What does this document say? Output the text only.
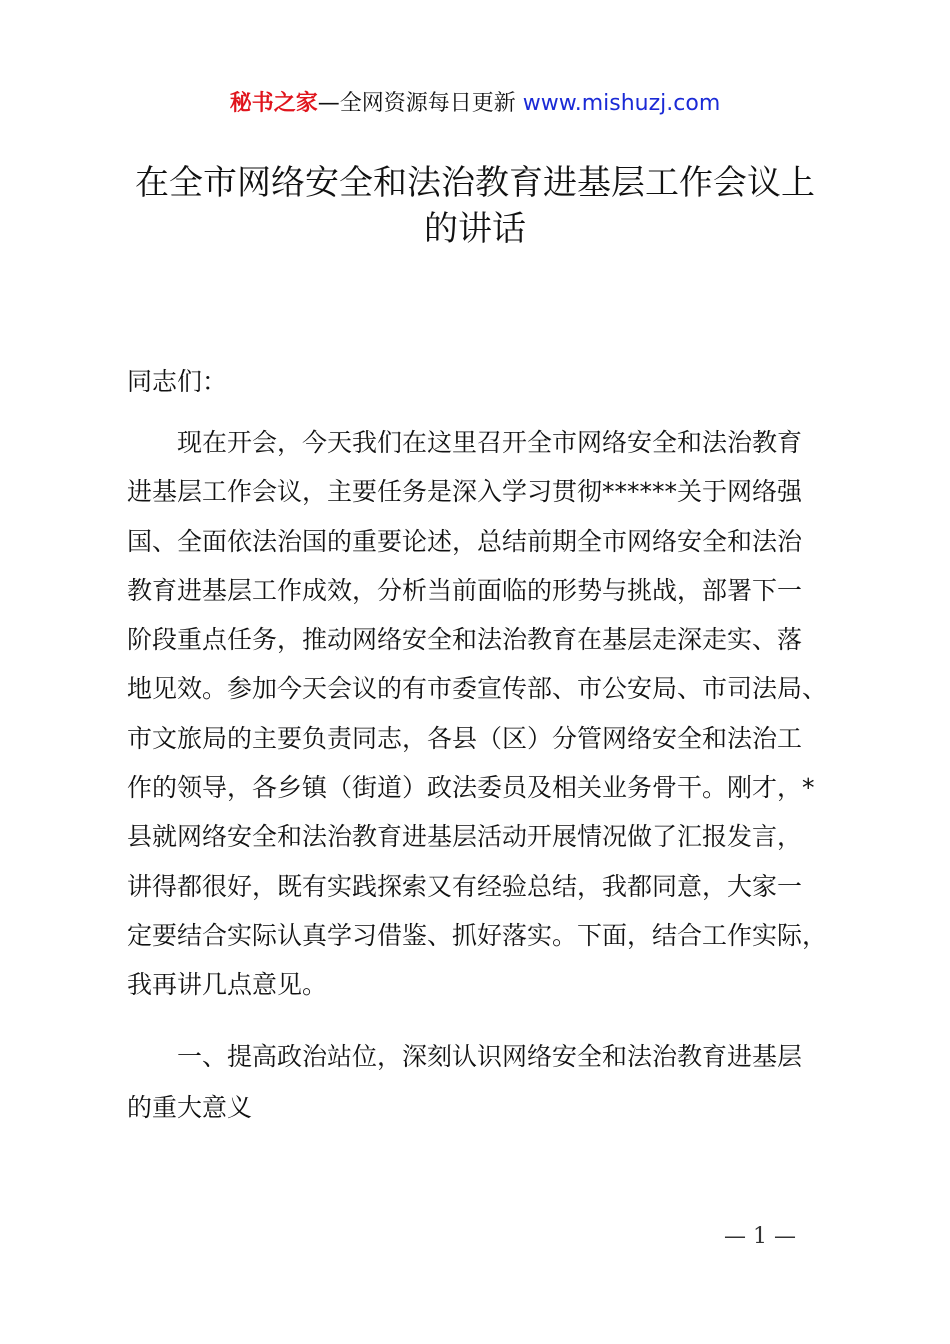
秘书之家—全网资源每日更新 www.mishuzj.com
在全市网络安全和法治教育进基层工作会议上
的讲话
同志们：
现在开会，今天我们在这里召开全市网络安全和法治教育
进基层工作会议，主要任务是深入学习贯彻******关于网络强
国、全面依法治国的重要论述，总结前期全市网络安全和法治
教育进基层工作成效，分析当前面临的形势与挑战，部署下一
阶段重点任务，推动网络安全和法治教育在基层走深走实、落
地见效。参加今天会议的有市委宣传部、市公安局、市司法局、
市文旅局的主要负责同志，各县（区）分管网络安全和法治工
作的领导，各乡镇（街道）政法委员及相关业务骨干。刚才，*
县就网络安全和法治教育进基层活动开展情况做了汇报发言，
讲得都很好，既有实践探索又有经验总结，我都同意，大家一
定要结合实际认真学习借鉴、抓好落实。下面，结合工作实际，
我再讲几点意见。
一、提高政治站位，深刻认识网络安全和法治教育进基层
的重大意义
— 1 —
